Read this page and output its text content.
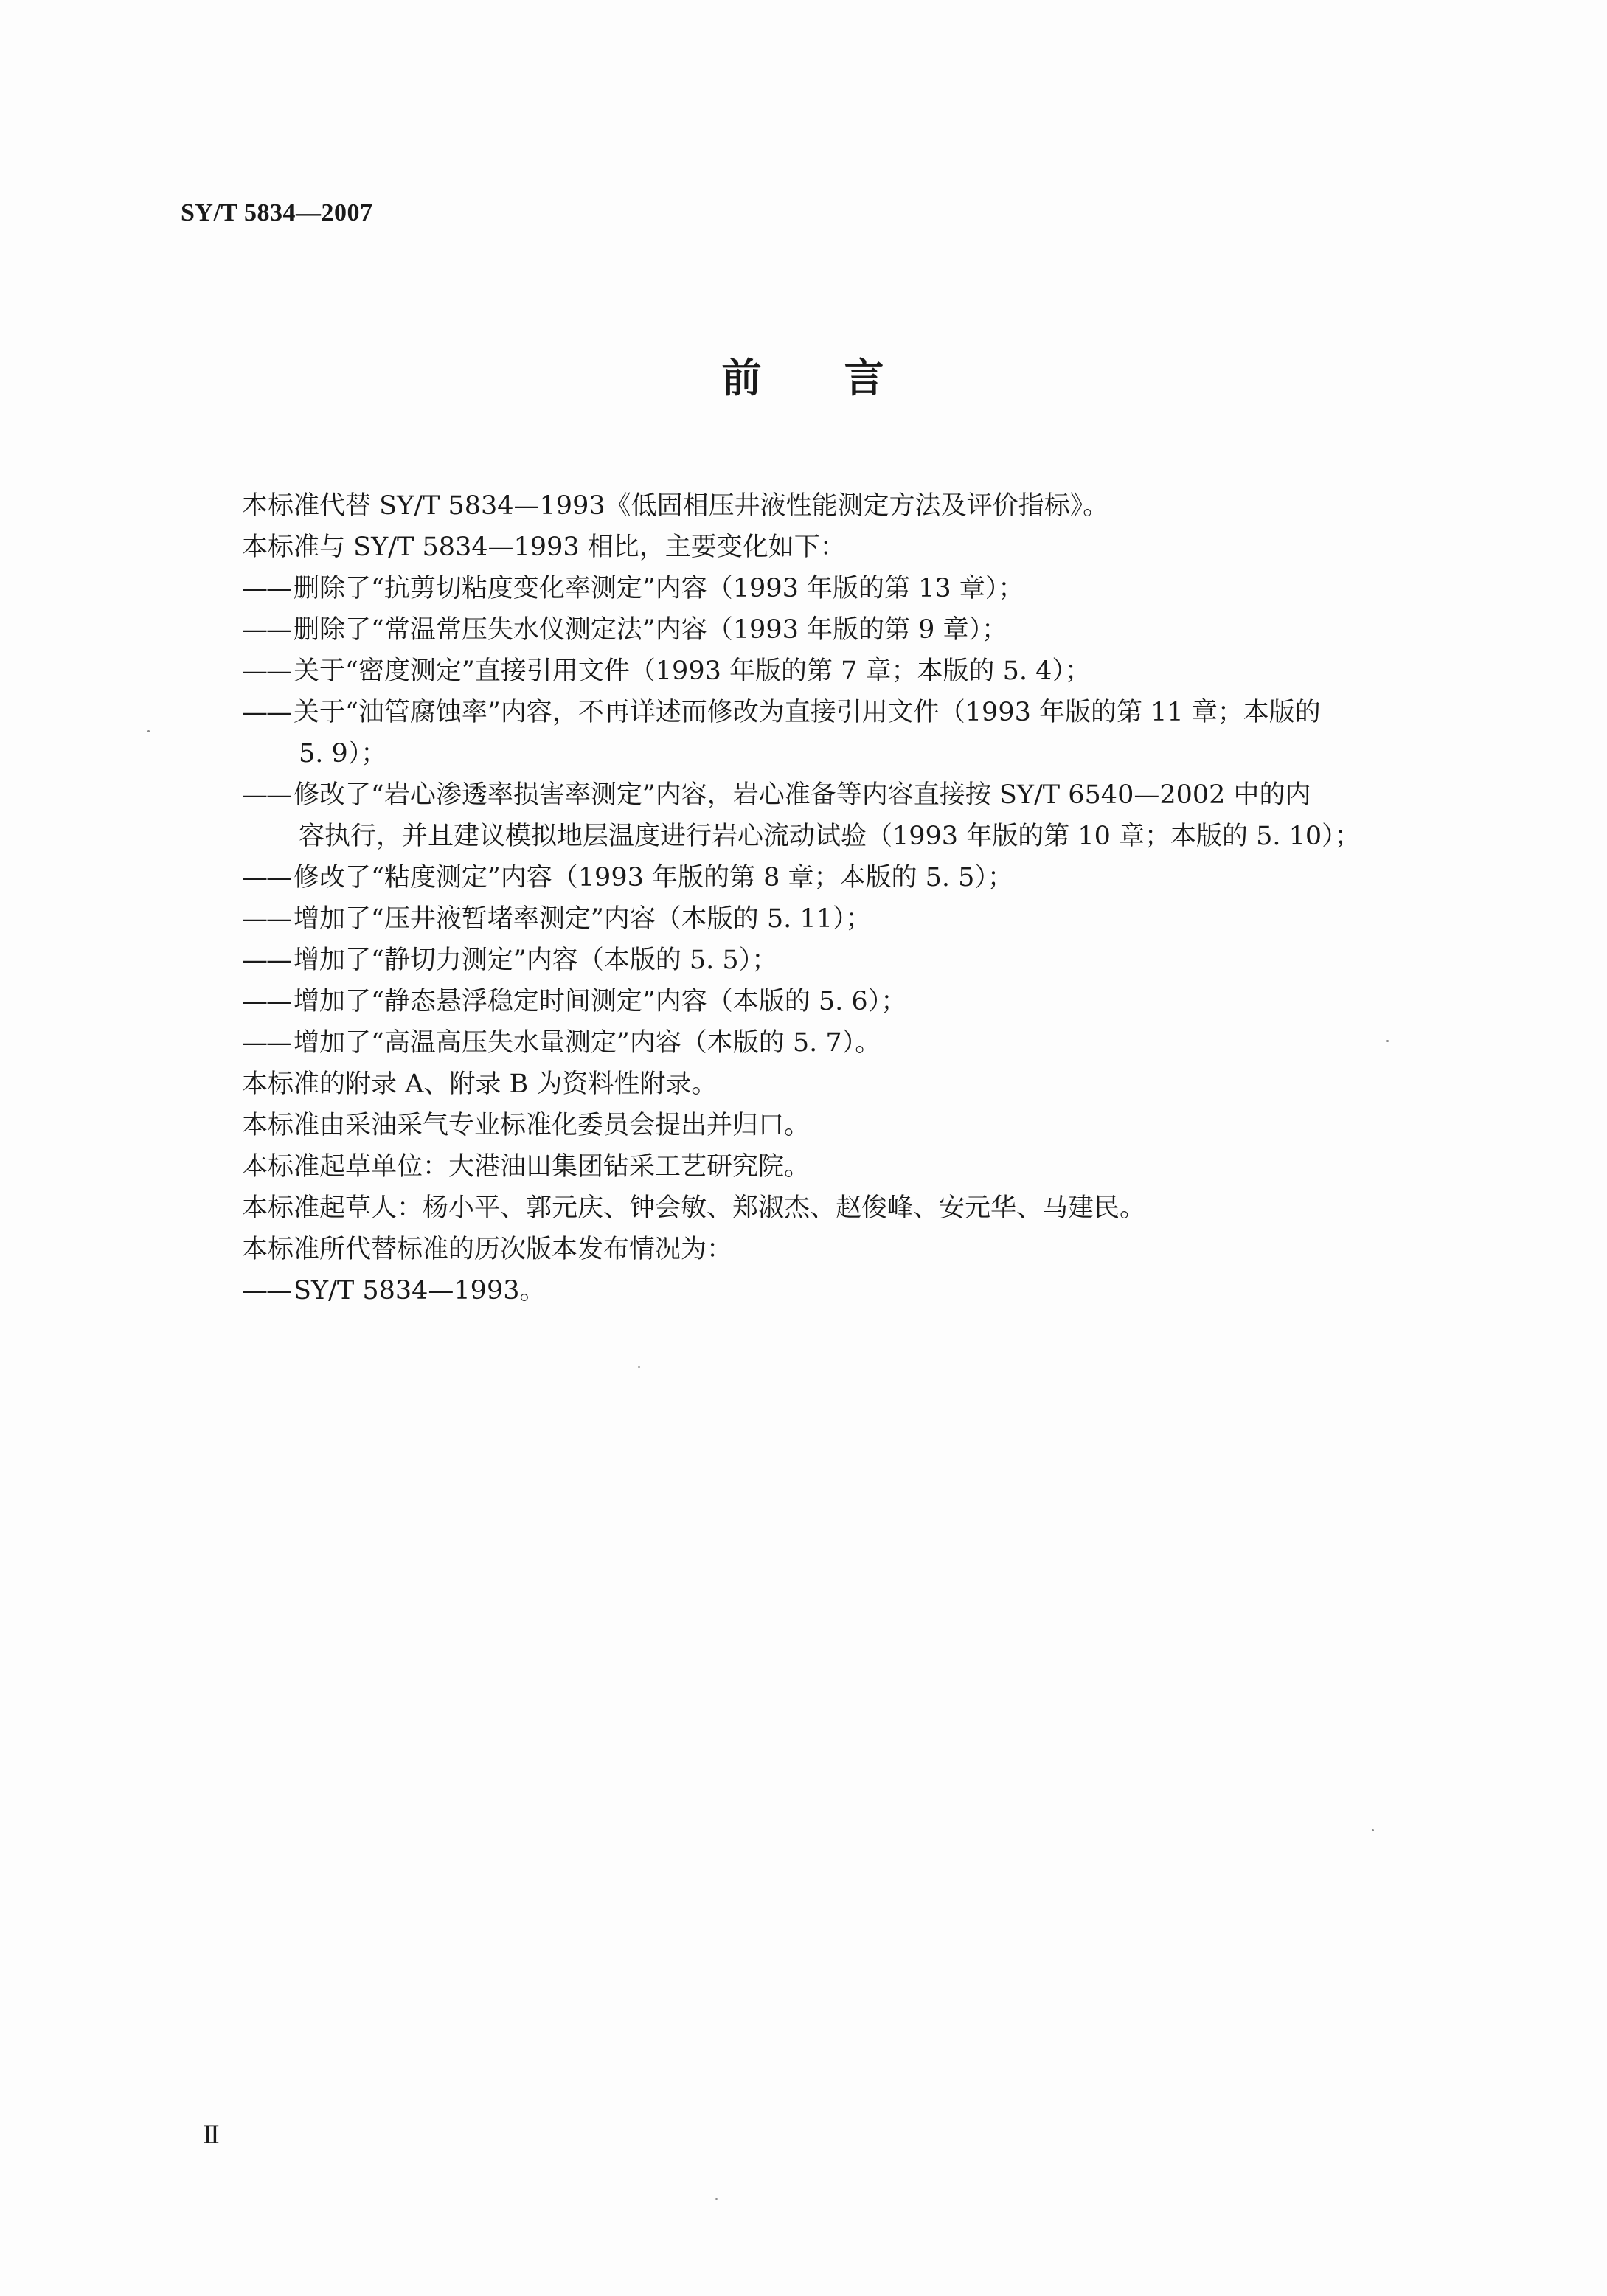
SY/T 5834—2007
前 言
本标准代替 SY/T 5834—1993《低固相压井液性能测定方法及评价指标》。
本标准与 SY/T 5834—1993 相比，主要变化如下：
—— 删除了“抗剪切粘度变化率测定”内容（1993 年版的第 13 章）；
—— 删除了“常温常压失水仪测定法”内容（1993 年版的第 9 章）；
—— 关于“密度测定”直接引用文件（1993 年版的第 7 章；本版的 5. 4）；
—— 关于“油管腐蚀率”内容，不再详述而修改为直接引用文件（1993 年版的第 11 章；本版的
5. 9）；
—— 修改了“岩心渗透率损害率测定”内容，岩心准备等内容直接按 SY/T 6540—2002 中的内
容执行，并且建议模拟地层温度进行岩心流动试验（1993 年版的第 10 章；本版的 5. 10）；
—— 修改了“粘度测定”内容（1993 年版的第 8 章；本版的 5. 5）；
—— 增加了“压井液暂堵率测定”内容（本版的 5. 11）；
—— 增加了“静切力测定”内容（本版的 5. 5）；
—— 增加了“静态悬浮稳定时间测定”内容（本版的 5. 6）；
—— 增加了“高温高压失水量测定”内容（本版的 5. 7）。
本标准的附录 A、附录 B 为资料性附录。
本标准由采油采气专业标准化委员会提出并归口。
本标准起草单位：大港油田集团钻采工艺研究院。
本标准起草人：杨小平、郭元庆、钟会敏、郑淑杰、赵俊峰、安元华、马建民。
本标准所代替标准的历次版本发布情况为：
—— SY/T 5834—1993。
Ⅱ
